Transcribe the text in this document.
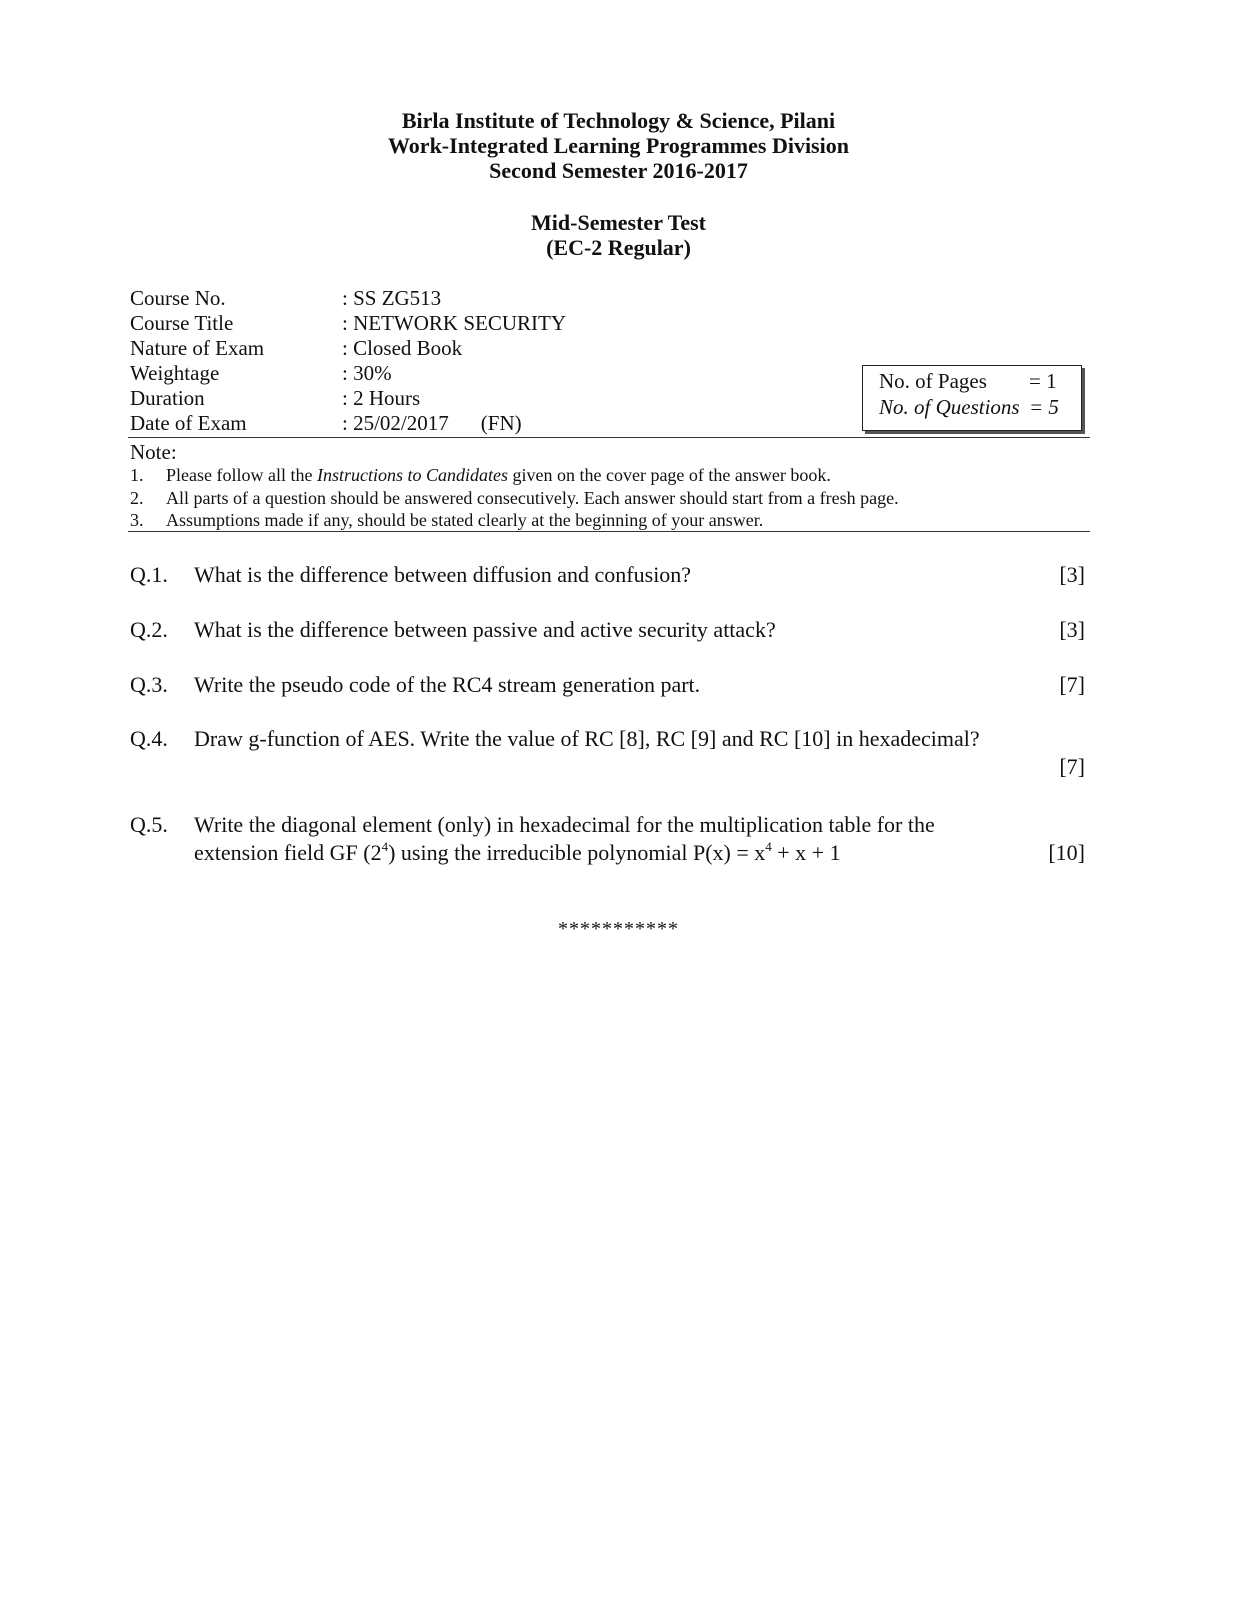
Birla Institute of Technology & Science, Pilani
Work-Integrated Learning Programmes Division
Second Semester 2016-2017
Mid-Semester Test
(EC-2 Regular)
Course No.	: SS ZG513
Course Title	: NETWORK SECURITY
Nature of Exam	: Closed Book
Weightage	: 30%
Duration	: 2 Hours
Date of Exam	: 25/02/2017 (FN)
No. of Pages = 1
No. of Questions = 5
Note:
1. Please follow all the Instructions to Candidates given on the cover page of the answer book.
2. All parts of a question should be answered consecutively. Each answer should start from a fresh page.
3. Assumptions made if any, should be stated clearly at the beginning of your answer.
Q.1. What is the difference between diffusion and confusion?	[3]
Q.2. What is the difference between passive and active security attack?	[3]
Q.3. Write the pseudo code of the RC4 stream generation part.	[7]
Q.4. Draw g-function of AES. Write the value of RC [8], RC [9] and RC [10] in hexadecimal?
[7]
Q.5. Write the diagonal element (only) in hexadecimal for the multiplication table for the
extension field GF $(2^4)$ using the irreducible polynomial $P(x) = x^4 + x + 1$	[10]
***********
